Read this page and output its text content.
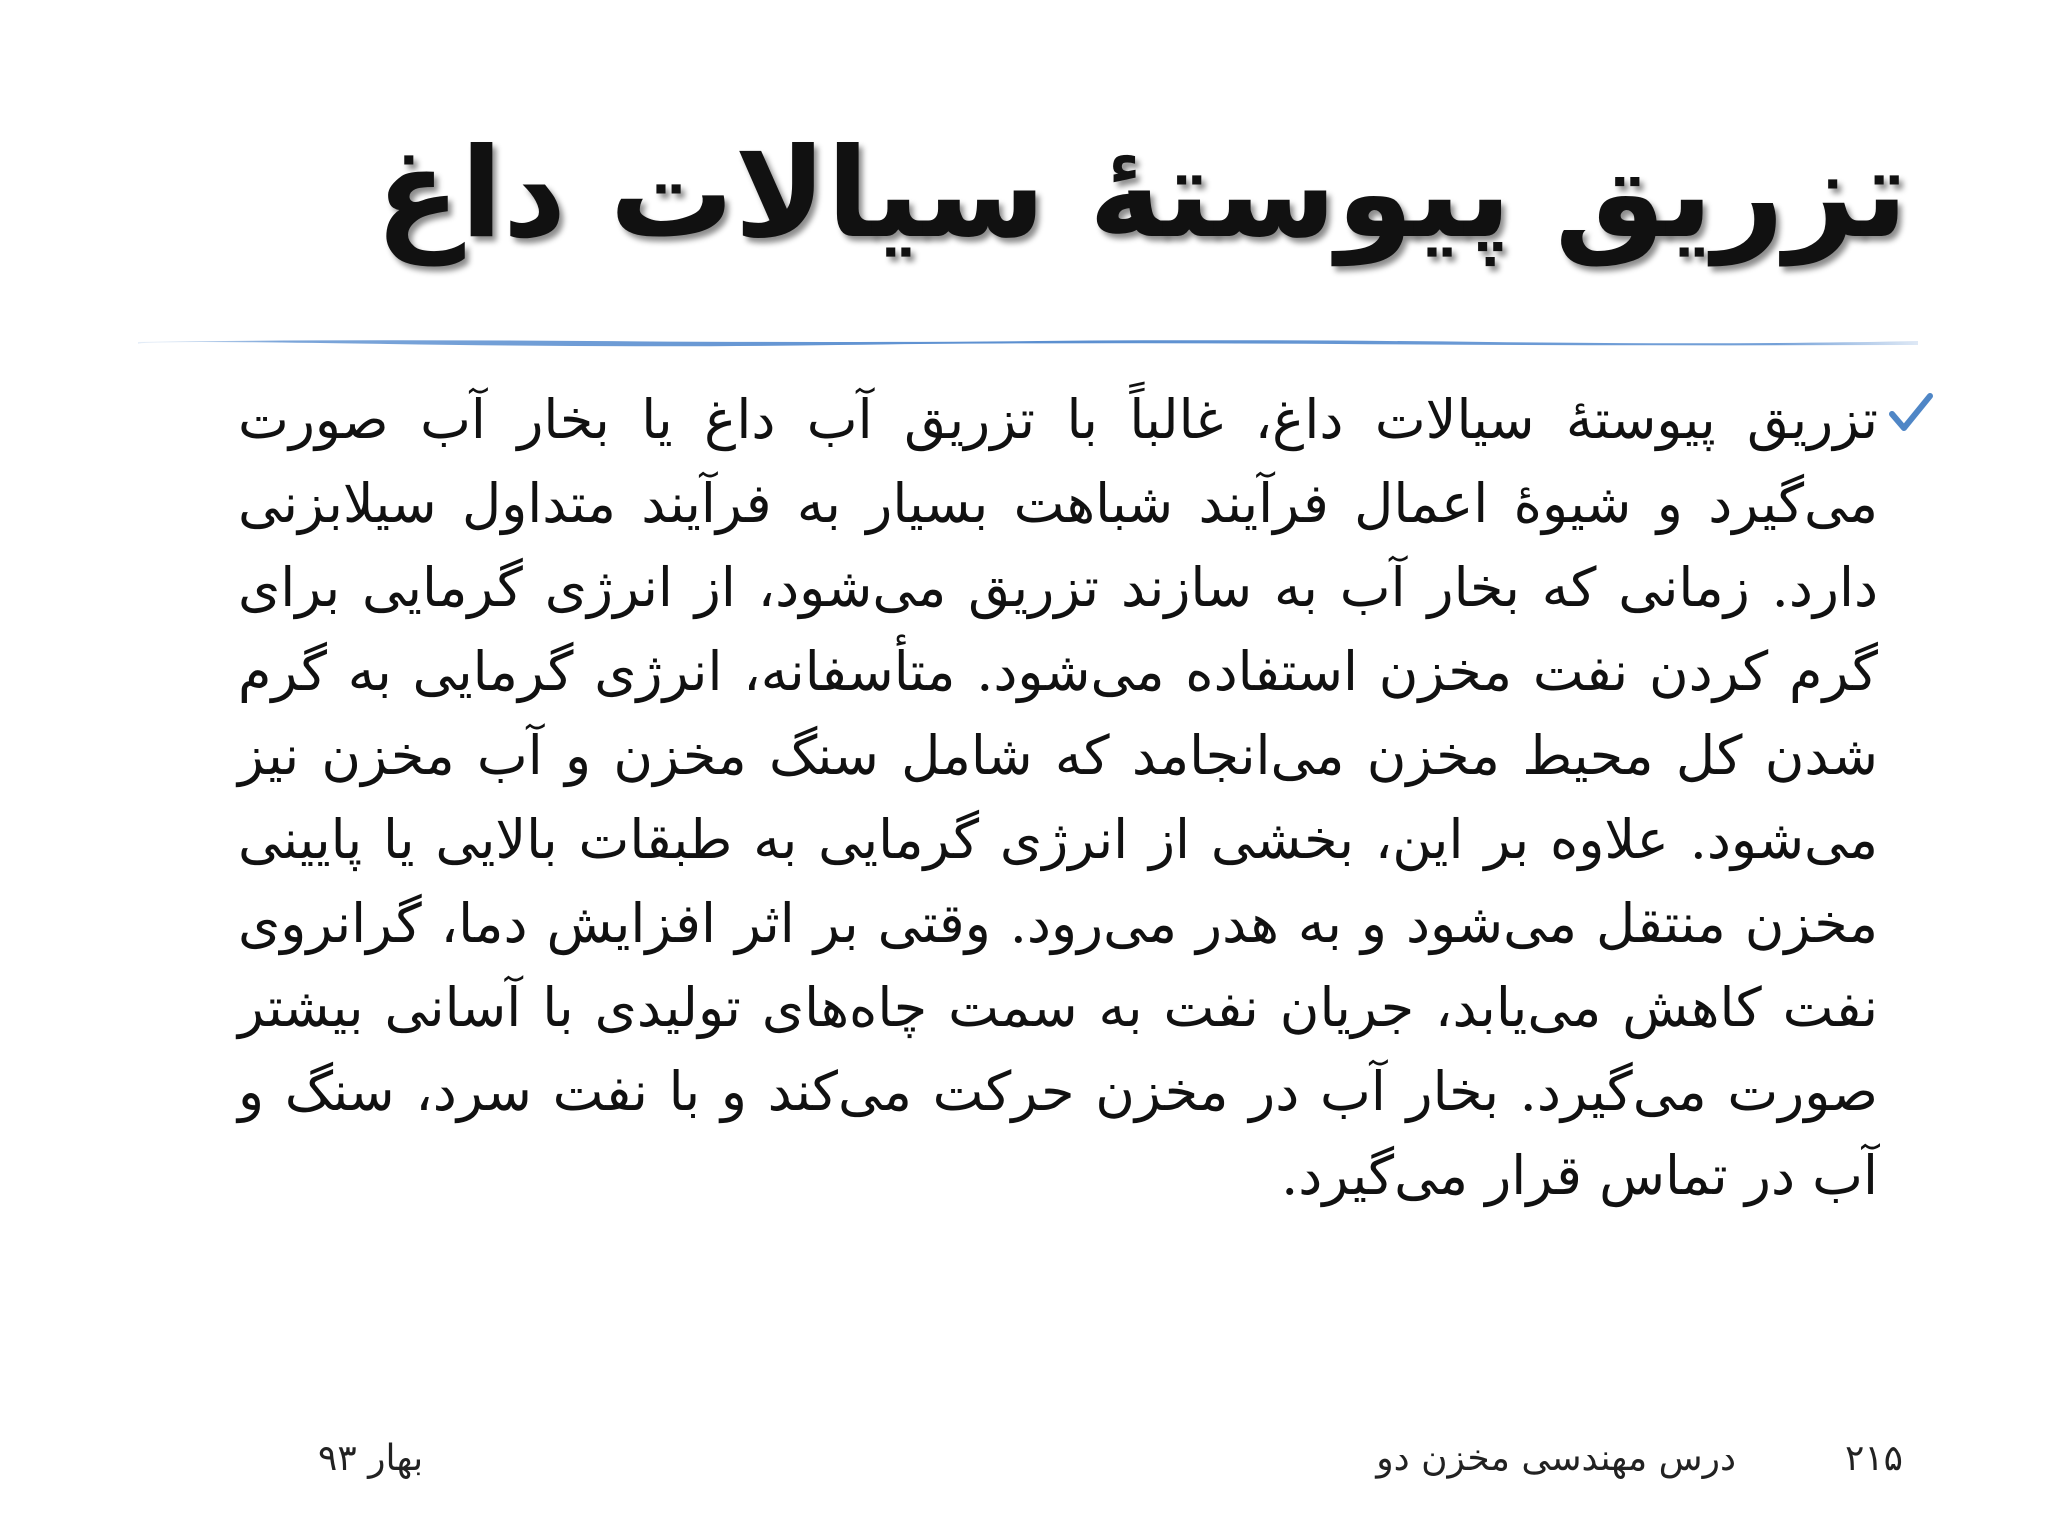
تزریق پیوستهٔ سیالات داغ

تزریق پیوستهٔ سیالات داغ، غالباً با تزریق آب داغ یا بخار آب صورت می‌گیرد و شیوهٔ اعمال فرآیند شباهت بسیار به فرآیند متداول سیلابزنی دارد. زمانی که بخار آب به سازند تزریق می‌شود، از انرژی گرمایی برای گرم کردن نفت مخزن استفاده می‌شود. متأسفانه، انرژی گرمایی به گرم شدن کل محیط مخزن می‌انجامد که شامل سنگ مخزن و آب مخزن نیز می‌شود. علاوه بر این، بخشی از انرژی گرمایی به طبقات بالایی یا پایینی مخزن منتقل می‌شود و به هدر می‌رود. وقتی بر اثر افزایش دما، گرانروی نفت کاهش می‌یابد، جریان نفت به سمت چاه‌های تولیدی با آسانی بیشتر صورت می‌گیرد. بخار آب در مخزن حرکت می‌کند و با نفت سرد، سنگ و آب در تماس قرار می‌گیرد.

۲۱۵
درس مهندسی مخزن دو
بهار ۹۳
